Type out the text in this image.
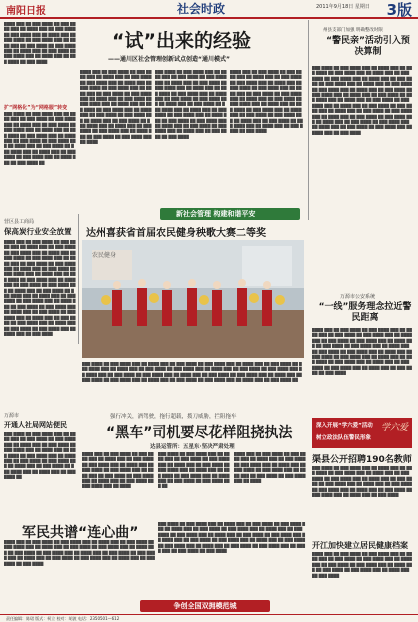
南阳日报	社会时政	2011年9月18日 星期日 3版
████ ███ ██ ███ ████ ██ ███ ████ ███ ██ ████ ███ ██ ███ ████ ██ ███ ████ ███ ██ ████ ███ ██ ███ ████ ██ ███ ████ ███ ██ ████ ███ ██ ███ ████ ██ ███ ████ ███ ██ ████ ███ ██ ███ ████ ██ ███ ████ ███ ██ ████ ███ ██ ███ ████ ██ ███ ████
扩“网格化”为“网格服”转变
███ ████ ██ ███ ████ ███ ██ ████ ███ ██ ███ ████ ██ ███ ████ ███ ██ ████ ███ ██ ███ ████ ██ ███ ████ ███ ██ ████ ███ ██ ███ ████ ██ ███ ████ ███ ██ ████ ███ ██ ███ ████ ██ ███ ████ ███ ██ ████ ███ ██ ███ ████ ██ ███ ████ ███ ██ ████ ███ ██ ███ ████ ██ ███ ████ ███ ██ ████ ███ ██ ███ ████ ██
“试”出来的经验
——通川区社会管理创新试点创造“通川模式”
████ ███ ██ ███ ████ ██ ███ ████ ███ ██ ████ ███ ██ ███ ████ ██ ███ ████ ███ ██ ████ ███ ██ ███ ████ ██ ███ ████ ███ ██ ████ ███ ██ ███ ████ ██ ███ ████ ███ ██ ████ ███ ██ ███ ████ ██ ███ ████ ███ ██ ████ ███ ██ ███ ████ ██ ███ ████ ███ ██ ████ ███ ██ ███ ████ ██ ███ ████ ███ ██ ████ ███ ██ ███ ████ ██ ███ ████ ███ ██ ████ ███ ██ ███ ████ ██ ███ ████ ███ ██ ████ ███ ██ ███ ████ ██ ███ ████ ███ ██ ████
███ ████ ██ ███ ████ ███ ██ ████ ███ ██ ███ ████ ██ ███ ████ ███ ██ ████ ███ ██ ███ ████ ██ ███ ████ ███ ██ ████ ███ ██ ███ ████ ██ ███ ████ ███ ██ ████ ███ ██ ███ ████ ██ ███ ████ ███ ██ ████ ███ ██ ███ ████ ██ ███ ████ ███ ██ ████ ███ ██ ███ ████ ██ ███ ████ ███ ██ ████ ███ ██ ███ ████ ██ ███ ████ ███ ██ ████ ███ ██ ███ ████ ██ ███ ████ ███ ██ ████ ███ ██ ███ ████ ██ ███ ████
████ ███ ██ ███ ████ ██ ███ ████ ███ ██ ████ ███ ██ ███ ████ ██ ███ ████ ███ ██ ████ ███ ██ ███ ████ ██ ███ ████ ███ ██ ████ ███ ██ ███ ████ ██ ███ ████ ███ ██ ████ ███ ██ ███ ████ ██ ███ ████ ███ ██ ████ ███ ██ ███ ████ ██ ███ ████ ███ ██ ████ ███ ██ ███ ████ ██ ███ ████ ███ ██ ████ ███ ██ ███ ████ ██ ███ ████ ███ ██ ████ ███ ██ ███ ████ ██ ███ ████
州县支部门加强 明确整改时限
“警民亲”活动引入预决算制
███ ████ ██ ███ ████ ███ ██ ████ ███ ██ ███ ████ ██ ███ ████ ███ ██ ████ ███ ██ ███ ████ ██ ███ ████ ███ ██ ████ ███ ██ ███ ████ ██ ███ ████ ███ ██ ████ ███ ██ ███ ████ ██ ███ ████ ███ ██ ████ ███ ██ ███ ████ ██ ███ ████ ███ ██ ████ ███ ██ ███ ████ ██ ███ ████ ███ ██ ████ ███ ██ ███ ████ ██ ███ ████ ███ ██ ████ ███ ██ ███ ████ ██ ███ ████ ███ ██ ████ ███ ██ ███ ████ ██ ███ ████ ███ ██ ████ ███ ██ ███ ████ ██ ███ ████ ███ ██ ████ ███ ██ ███ ████ ██ ███ ████ ███ ██ ████ ███ ██ ███ ████ ██ ███ ████ ███ ██ ████ ███ ██ ███ ████
新社会管理 构建和谐平安
营区县工商局
保高炭行业安全放置
████ ███ ██ ███ ████ ██ ███ ████ ███ ██ ████ ███ ██ ███ ████ ██ ███ ████ ███ ██ ████ ███ ██ ███ ████ ██ ███ ████ ███ ██ ████ ███ ██ ███ ████ ██ ███ ████ ███ ██ ████ ███ ██ ███ ████ ██ ███ ████ ███ ██ ████ ███ ██ ███ ████ ██ ███ ████ ███ ██ ████ ███ ██ ███ ████ ██ ███ ████ ███ ██ ████ ███ ██ ███ ████ ██ ███ ████ ███ ██ ████ ███ ██ ███ ████ ██ ███ ████ ███ ██ ████ ███ ██ ███ ████ ██ ███ ████ ███ ██ ████ ███ ██ ███ ████ ██ ███ ████ ███ ██ ████ ███ ██ ███ ████ ██ ███ ████ ███ ██ ████ ███ ██ ███ ████ ██ ███ ████ ███ ██ ████ ███ ██ ███ ████
达州喜获省首届农民健身秧歌大赛二等奖
农民健身
███ ████ ██ ███ ████ ███ ██ ████ ███ ██ ███ ████ ██ ███ ████ ███ ██ ████ ███ ██ ███ ████ ██ ███ ████ ███ ██ ████ ███ ██ ███ ████ ██ ███ ████ ███ ██ ████ ███ ██ ███ ████ ██ ███ ████ ███ ██ ████ ███ ██ ███ ████ ██ ███ ████ ███ ██ ████ ███ ██ ███ ████ ██ ███ ████ ███ ██ ████ ███ ██ ███ ████ ██ ███ ████ ███ ██ ████ ███ ██ ███ ████ ██ ███ ████ ███ ██ ████ ███ ██ ███ ████ ██
万源市公安系统
“一线”服务理念拉近警民距离
████ ███ ██ ███ ████ ██ ███ ████ ███ ██ ████ ███ ██ ███ ████ ██ ███ ████ ███ ██ ████ ███ ██ ███ ████ ██ ███ ████ ███ ██ ████ ███ ██ ███ ████ ██ ███ ████ ███ ██ ████ ███ ██ ███ ████ ██ ███ ████ ███ ██ ████ ███ ██ ███ ████ ██ ███ ████ ███ ██ ████ ███ ██ ███ ████ ██ ███ ████ ███ ██ ████ ███ ██ ███ ████ ██ ███ ████ ███ ██ ████ ███ ██ ███ ████ ██ ███ ████
深入开展“学六爱”活动
树立政法队伍警民形象
学六爱
万源市
开通人社局网站便民
███ ████ ██ ███ ████ ███ ██ ████ ███ ██ ███ ████ ██ ███ ████ ███ ██ ████ ███ ██ ███ ████ ██ ███ ████ ███ ██ ████ ███ ██ ███ ████ ██ ███ ████ ███ ██ ████ ███ ██ ███ ████ ██ ███ ████ ███ ██ ████ ███ ██ ███ ████ ██ ███ ████ ███ ██ ████ ███ ██ ███ ████ ██
强行冲关，酒驾驶，拖行超载，拨刀威胁，拦阻拖车
“黑车”司机要尽花样阻挠执法
达县运管所：五星东·坚决严肃处理
████ ███ ██ ███ ████ ██ ███ ████ ███ ██ ████ ███ ██ ███ ████ ██ ███ ████ ███ ██ ████ ███ ██ ███ ████ ██ ███ ████ ███ ██ ████ ███ ██ ███ ████ ██ ███ ████ ███ ██ ████ ███ ██ ███ ████ ██ ███ ████ ███ ██ ████
███ ████ ██ ███ ████ ███ ██ ████ ███ ██ ███ ████ ██ ███ ████ ███ ██ ████ ███ ██ ███ ████ ██ ███ ████ ███ ██ ████ ███ ██ ███ ████ ██ ███ ████ ███ ██ ████ ███ ██ ███ ████ ██ ███ ████ ███ ██
████ ███ ██ ███ ████ ██ ███ ████ ███ ██ ████ ███ ██ ███ ████ ██ ███ ████ ███ ██ ████ ███ ██ ███ ████ ██ ███ ████ ███ ██ ████ ███ ██ ███ ████ ██ ███ ████ ███ ██ ████
渠县公开招聘190名教师
███ ████ ██ ███ ████ ███ ██ ████ ███ ██ ███ ████ ██ ███ ████ ███ ██ ████ ███ ██ ███ ████ ██ ███ ████ ███ ██ ████ ███ ██ ███ ████ ██ ███ ████ ███ ██ ████ ███ ██ ███ ████ ██ ███ ████ ███ ██ ████ ███ ██ ███ ████ ██ ███ ████ ███ ██ ████ ███ ██ ███ ████
军民共谱“连心曲”
████ ███ ██ ███ ████ ██ ███ ████ ███ ██ ████ ███ ██ ███ ████ ██ ███ ████ ███ ██ ████ ███ ██ ███ ████ ██ ███ ████ ███ ██ ████ ███ ██ ███ ████ ██ ███ ████ ███ ██ ████ ███ ██ ███ ████ ██ ███ ████ ███ ██ ████ ███ ██ ███ ████ ██ ███ ████ ███ ██ ████ ███ ██ ███ ████ ██ ███ ████
███ ████ ██ ███ ████ ███ ██ ████ ███ ██ ███ ████ ██ ███ ████ ███ ██ ████ ███ ██ ███ ████ ██ ███ ████ ███ ██ ████ ███ ██ ███ ████ ██ ███ ████ ███ ██ ████ ███ ██ ███ ████ ██ ███ ████ ███ ██ ████ ███ ██ ███ ████ ██ ███ ████ ███ ██ ████ ███ ██ ███ ████ ██ ███ ████ ███ ██ ████ ███ ██ ███ ████ ██ ███ ████ ███ ██ ████ ███ ██ ███ ████ ██ ███ ████
开江加快建立居民健康档案
████ ███ ██ ███ ████ ██ ███ ████ ███ ██ ████ ███ ██ ███ ████ ██ ███ ████ ███ ██ ████ ███ ██ ███ ████ ██ ███ ████ ███ ██ ████ ███ ██ ███ ████ ██ ███ ████ ███ ██ ████ ███ ██ ███ ████
争创全国双拥模范城
责任编辑：陈珺 版式：柯立 校对：胡波 电话：2350501—612
